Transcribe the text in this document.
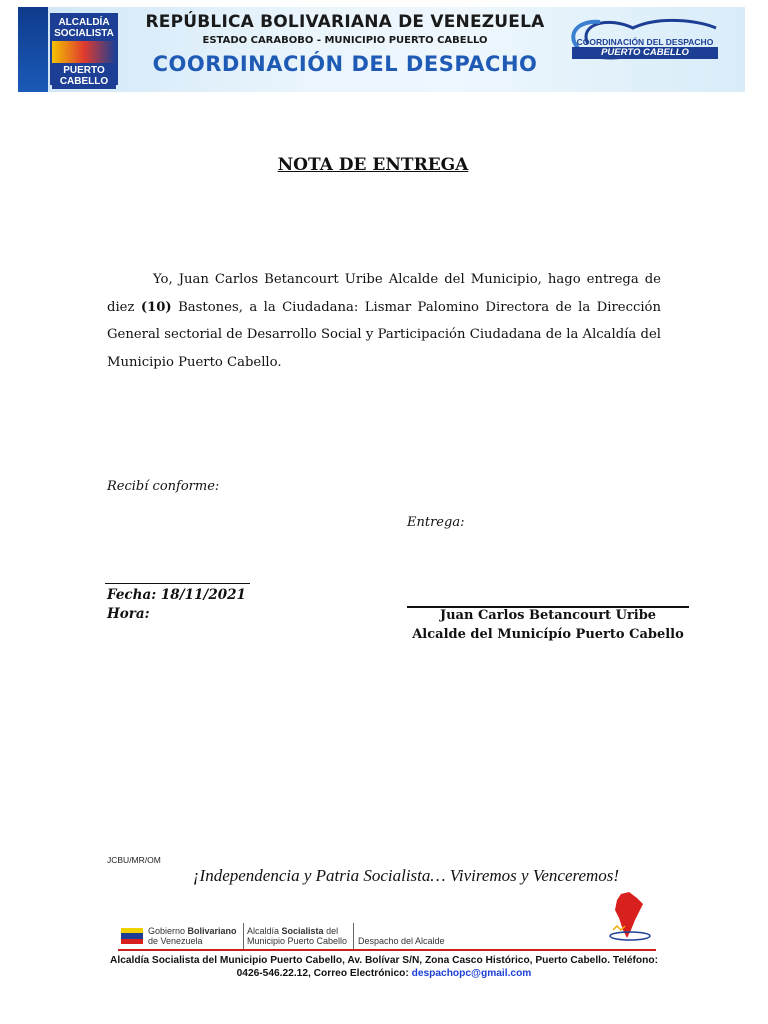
ALCALDÍA
SOCIALISTA
PUERTO
CABELLO
REPÚBLICA BOLIVARIANA DE VENEZUELA
ESTADO CARABOBO - MUNICIPIO PUERTO CABELLO
COORDINACIÓN DEL DESPACHO
COORDINACIÓN DEL DESPACHO
PUERTO CABELLO
NOTA DE ENTREGA
Yo, Juan Carlos Betancourt Uribe Alcalde del Municipio, hago entrega de diez (10) Bastones, a la Ciudadana: Lismar Palomino Directora de la Dirección General sectorial de Desarrollo Social y Participación Ciudadana de la Alcaldía del Municipio Puerto Cabello.
Recibí conforme:
Entrega:
Fecha: 18/11/2021
Hora:	Juan Carlos Betancourt Uribe
Alcalde del Municípío Puerto Cabello
JCBU/MR/OM
¡Independencia y Patria Socialista… Viviremos y Venceremos!
Gobierno Bolivariano
de Venezuela
Alcaldía Socialista del
Municipio Puerto Cabello Despacho del Alcalde
Alcaldía Socialista del Municipio Puerto Cabello, Av. Bolívar S/N, Zona Casco Histórico, Puerto Cabello. Teléfono:
0426-546.22.12, Correo Electrónico: despachopc@gmail.com
